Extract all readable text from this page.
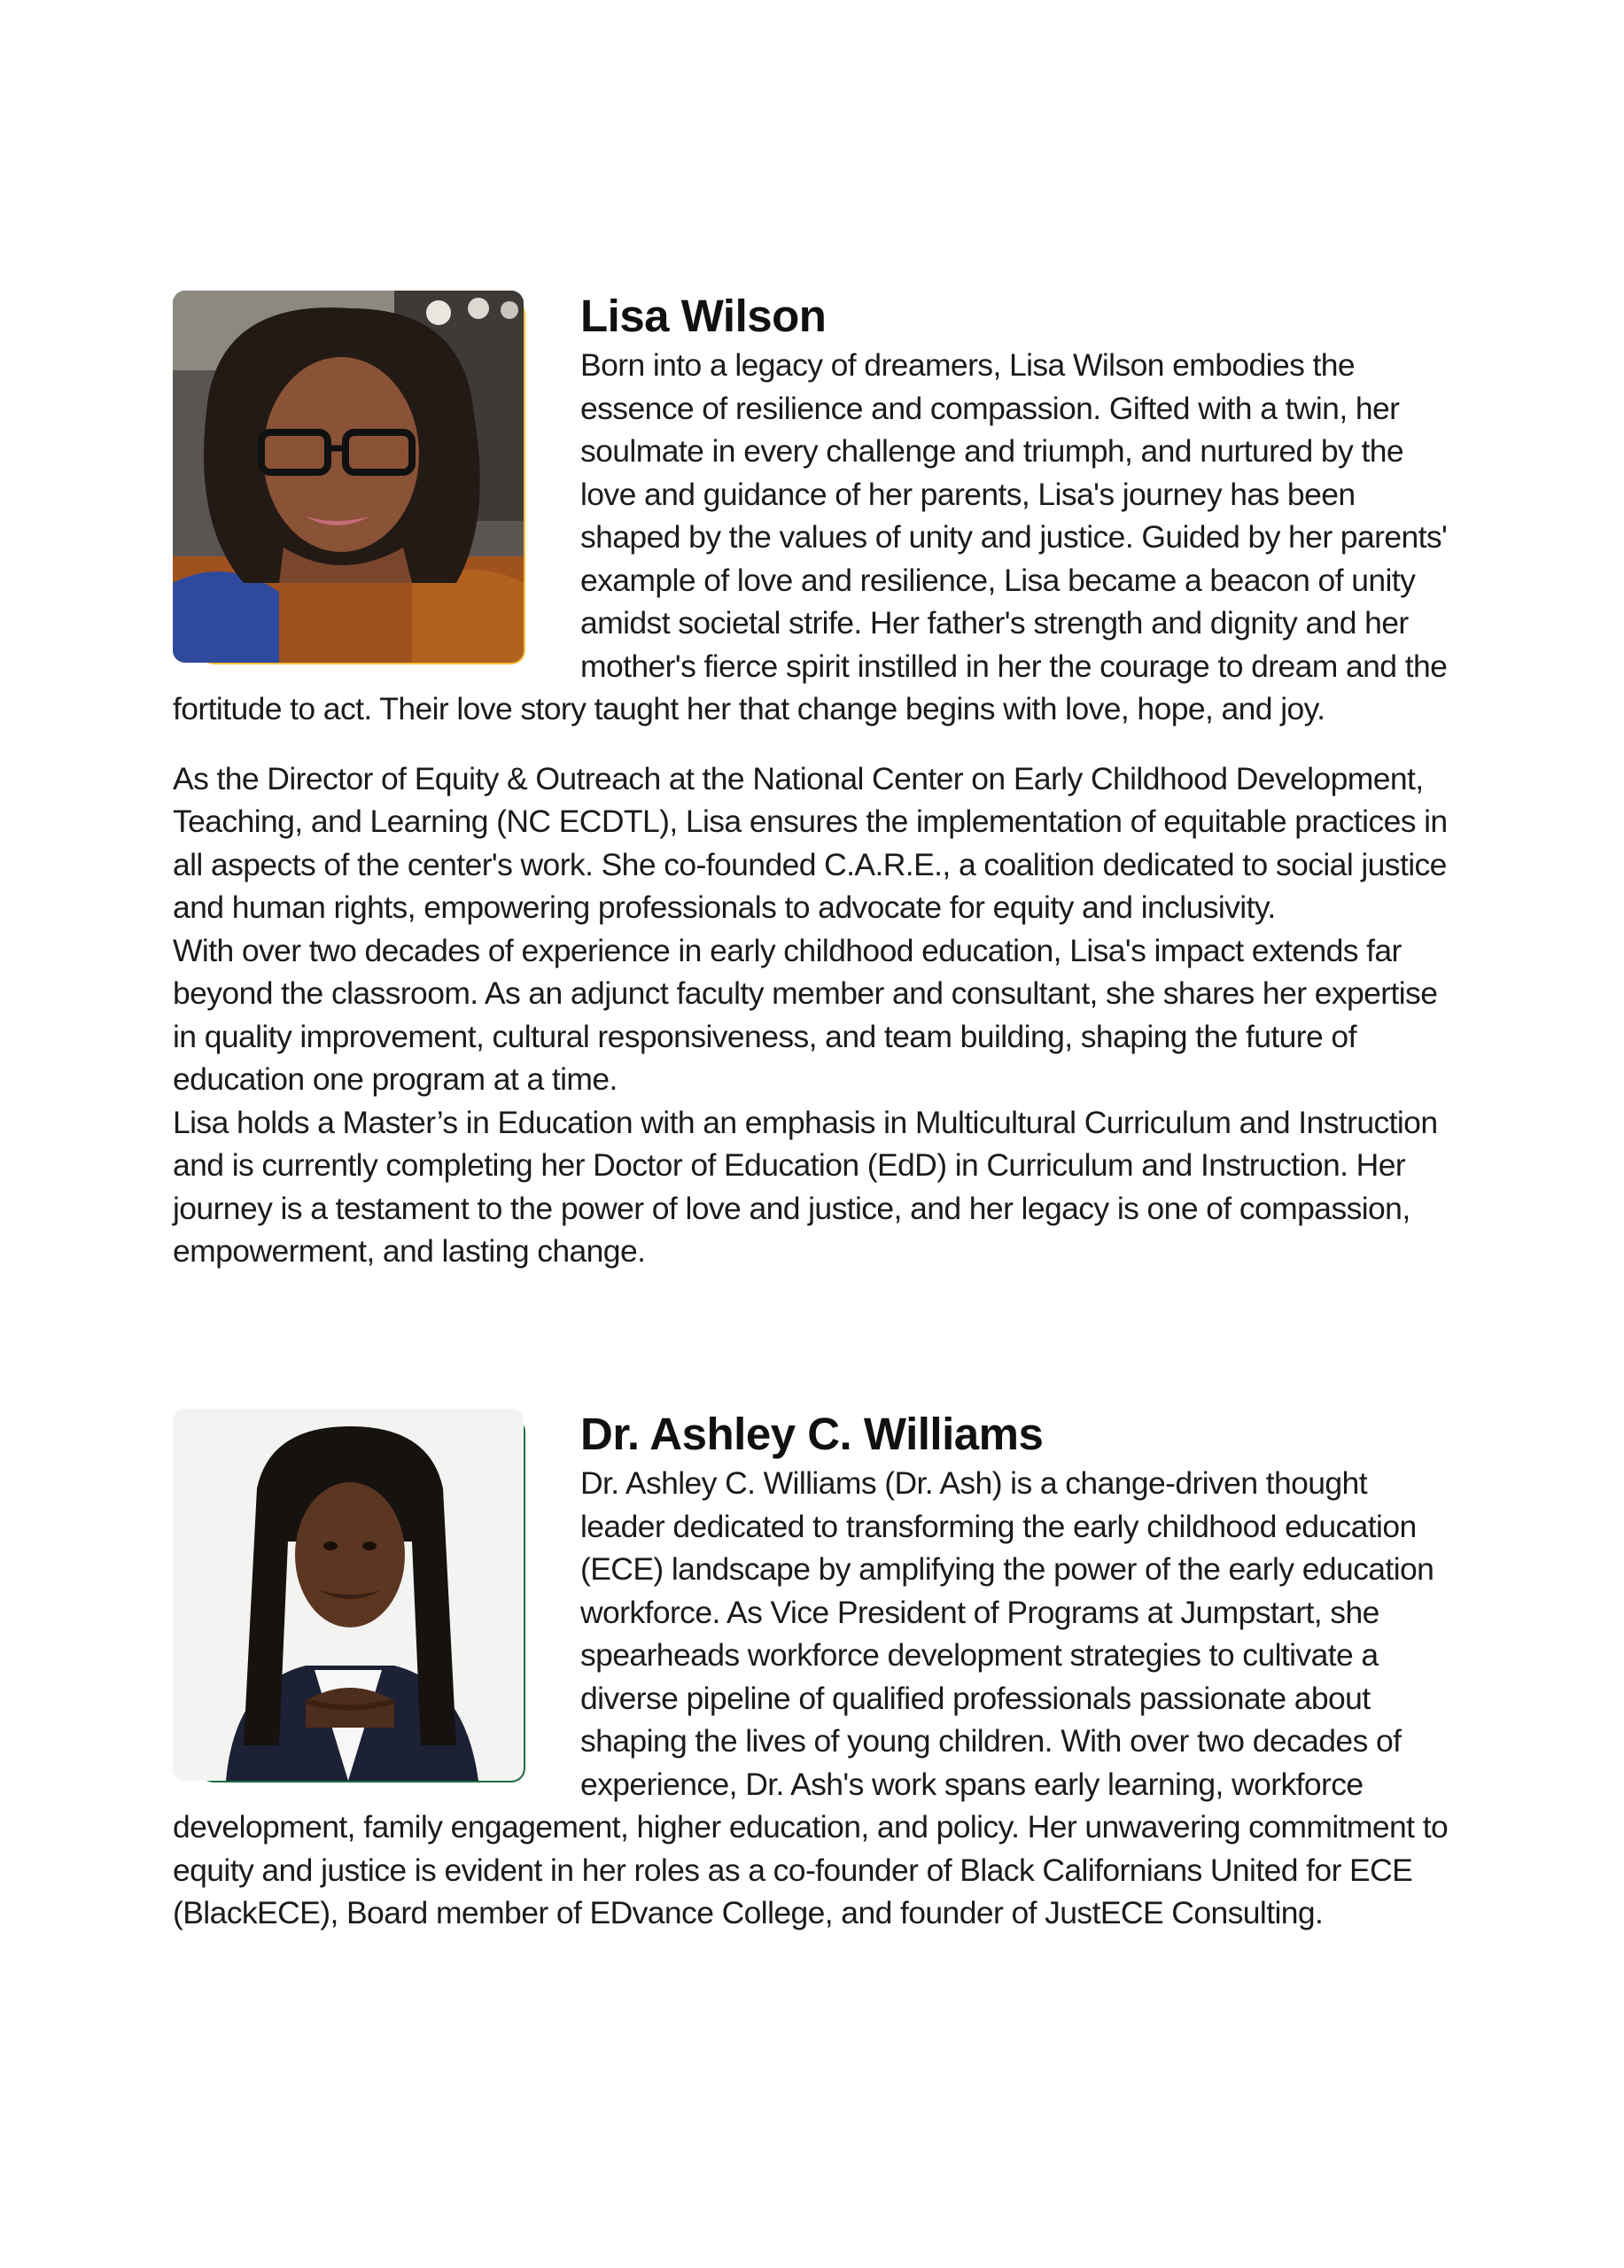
Lisa Wilson

Born into a legacy of dreamers, Lisa Wilson embodies the essence of resilience and compassion. Gifted with a twin, her soulmate in every challenge and triumph, and nurtured by the love and guidance of her parents, Lisa's journey has been shaped by the values of unity and justice. Guided by her parents' example of love and resilience, Lisa became a beacon of unity amidst societal strife. Her father's strength and dignity and her mother's fierce spirit instilled in her the courage to dream and the fortitude to act. Their love story taught her that change begins with love, hope, and joy.

As the Director of Equity & Outreach at the National Center on Early Childhood Development, Teaching, and Learning (NC ECDTL), Lisa ensures the implementation of equitable practices in all aspects of the center's work. She co-founded C.A.R.E., a coalition dedicated to social justice and human rights, empowering professionals to advocate for equity and inclusivity.

With over two decades of experience in early childhood education, Lisa's impact extends far beyond the classroom. As an adjunct faculty member and consultant, she shares her expertise in quality improvement, cultural responsiveness, and team building, shaping the future of education one program at a time.

Lisa holds a Master’s in Education with an emphasis in Multicultural Curriculum and Instruction and is currently completing her Doctor of Education (EdD) in Curriculum and Instruction. Her journey is a testament to the power of love and justice, and her legacy is one of compassion, empowerment, and lasting change.

Dr. Ashley C. Williams

Dr. Ashley C. Williams (Dr. Ash) is a change-driven thought leader dedicated to transforming the early childhood education (ECE) landscape by amplifying the power of the early education workforce. As Vice President of Programs at Jumpstart, she spearheads workforce development strategies to cultivate a diverse pipeline of qualified professionals passionate about shaping the lives of young children. With over two decades of experience, Dr. Ash's work spans early learning, workforce development, family engagement, higher education, and policy. Her unwavering commitment to equity and justice is evident in her roles as a co-founder of Black Californians United for ECE (BlackECE), Board member of EDvance College, and founder of JustECE Consulting.
